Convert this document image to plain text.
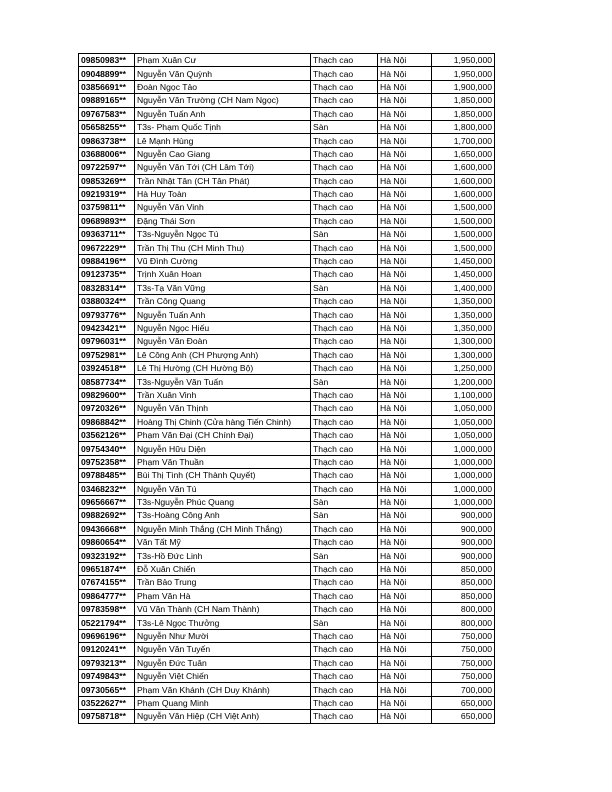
09850983**	Phạm Xuân Cư	Thạch cao	Hà Nội	1,950,000
09048899**	Nguyễn Văn Quỳnh	Thạch cao	Hà Nội	1,950,000
03856691**	Đoàn Ngọc Tảo	Thạch cao	Hà Nội	1,900,000
09889165**	Nguyễn Văn Trường (CH Nam Ngọc)	Thạch cao	Hà Nội	1,850,000
09767583**	Nguyễn Tuấn Anh	Thạch cao	Hà Nội	1,850,000
05658255**	T3s- Phạm Quốc Tịnh	Sàn	Hà Nội	1,800,000
09863738**	Lê Mạnh Hùng	Thạch cao	Hà Nội	1,700,000
03688006**	Nguyễn Cao Giang	Thạch cao	Hà Nội	1,650,000
09722597**	Nguyễn Văn Tới (CH Lâm Tới)	Thạch cao	Hà Nội	1,600,000
09853269**	Trần Nhật Tân (CH Tân Phát)	Thạch cao	Hà Nội	1,600,000
09219319**	Hà Huy Toàn	Thạch cao	Hà Nội	1,600,000
03759811**	Nguyễn Văn Vinh	Thạch cao	Hà Nội	1,500,000
09689893**	Đặng Thái Sơn	Thạch cao	Hà Nội	1,500,000
09363711**	T3s-Nguyễn Ngọc Tú	Sàn	Hà Nội	1,500,000
09672229**	Trần Thị Thu (CH Minh Thu)	Thạch cao	Hà Nội	1,500,000
09884196**	Vũ Đình Cường	Thạch cao	Hà Nội	1,450,000
09123735**	Trịnh Xuân Hoan	Thạch cao	Hà Nội	1,450,000
08328314**	T3s-Tạ Văn Vững	Sàn	Hà Nội	1,400,000
03880324**	Trần Công Quang	Thạch cao	Hà Nội	1,350,000
09793776**	Nguyễn Tuấn Anh	Thạch cao	Hà Nội	1,350,000
09423421**	Nguyễn Ngọc Hiếu	Thạch cao	Hà Nội	1,350,000
09796031**	Nguyễn Văn Đoàn	Thạch cao	Hà Nội	1,300,000
09752981**	Lê Công Anh (CH Phượng Anh)	Thạch cao	Hà Nội	1,300,000
03924518**	Lê Thị Hường (CH Hường Bộ)	Thạch cao	Hà Nội	1,250,000
08587734**	T3s-Nguyễn Văn Tuấn	Sàn	Hà Nội	1,200,000
09829600**	Trần Xuân Vinh	Thạch cao	Hà Nội	1,100,000
09720326**	Nguyễn Văn Thịnh	Thạch cao	Hà Nội	1,050,000
09868842**	Hoàng Thị Chinh (Cửa hàng Tiến Chinh)	Thạch cao	Hà Nội	1,050,000
03562126**	Phạm Văn Đại (CH Chính Đại)	Thạch cao	Hà Nội	1,050,000
09754340**	Nguyễn Hữu Diện	Thạch cao	Hà Nội	1,000,000
09752358**	Phạm Văn Thuần	Thạch cao	Hà Nội	1,000,000
09788485**	Bùi Thị Tình (CH Thành Quyết)	Thạch cao	Hà Nội	1,000,000
03468232**	Nguyễn Văn Tú	Thạch cao	Hà Nội	1,000,000
09656667**	T3s-Nguyễn Phúc Quang	Sàn	Hà Nội	1,000,000
09882692**	T3s-Hoàng Công Anh	Sàn	Hà Nội	900,000
09436668**	Nguyễn Minh Thắng (CH Minh Thắng)	Thạch cao	Hà Nội	900,000
09860654**	Văn Tất Mỹ	Thạch cao	Hà Nội	900,000
09323192**	T3s-Hồ Đức Linh	Sàn	Hà Nội	900,000
09651874**	Đỗ Xuân Chiến	Thạch cao	Hà Nội	850,000
07674155**	Trần Bảo Trung	Thạch cao	Hà Nội	850,000
09864777**	Phạm Văn Hà	Thạch cao	Hà Nội	850,000
09783598**	Vũ Văn Thành (CH Nam Thành)	Thạch cao	Hà Nội	800,000
05221794**	T3s-Lê Ngọc Thưởng	Sàn	Hà Nội	800,000
09696196**	Nguyễn Như Mười	Thạch cao	Hà Nội	750,000
09120241**	Nguyễn Văn Tuyến	Thạch cao	Hà Nội	750,000
09793213**	Nguyễn Đức Tuân	Thạch cao	Hà Nội	750,000
09749843**	Nguyễn Việt Chiến	Thạch cao	Hà Nội	750,000
09730565**	Phạm Văn Khánh (CH Duy Khánh)	Thạch cao	Hà Nội	700,000
03522627**	Phạm Quang Minh	Thạch cao	Hà Nội	650,000
09758718**	Nguyễn Văn Hiệp (CH Việt Anh)	Thạch cao	Hà Nội	650,000
